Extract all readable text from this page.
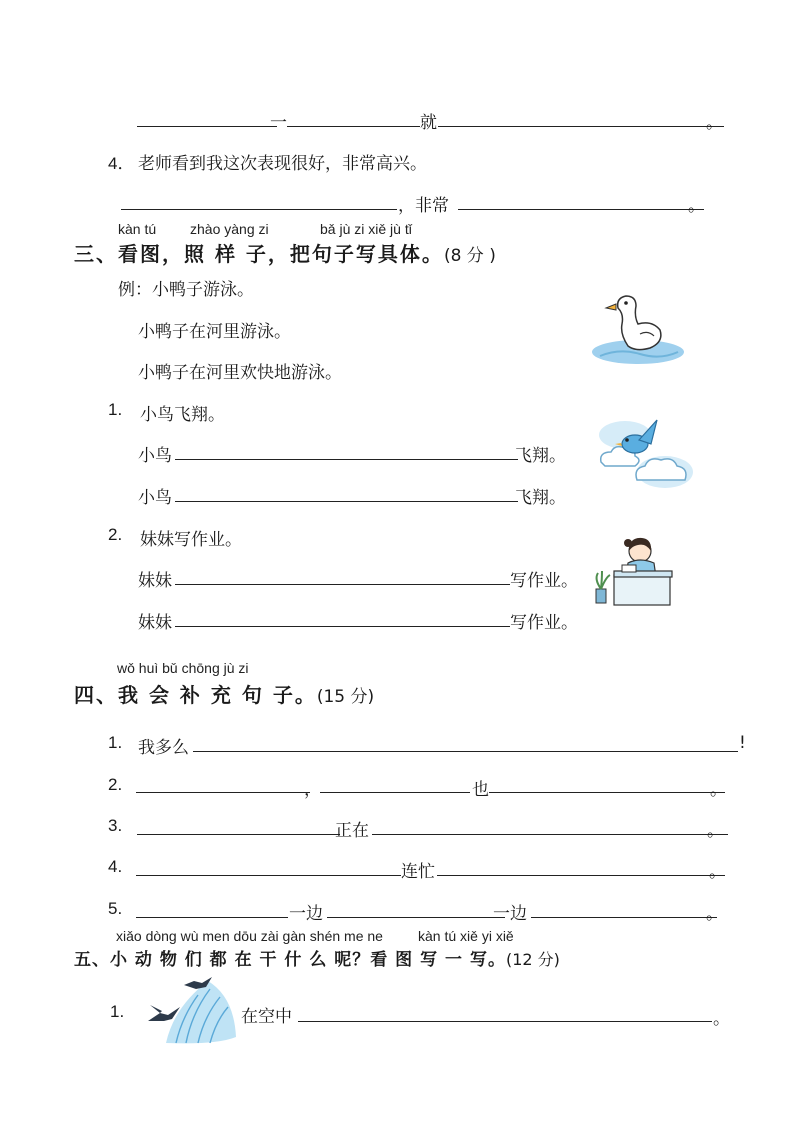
一	就	。
4． 老师看到我这次表现很好，非常高兴。
，非常	。
kàn tú zhào yàng zi	bǎ jù zi xiě jù tǐ
三、看图，照 样 子，把句子写具体。(8 分 )
例：小鸭子游泳。
小鸭子在河里游泳。
小鸭子在河里欢快地游泳。
1. 小鸟飞翔。
小鸟	飞翔。
小鸟	飞翔。
2. 妹妹写作业。
妹妹	写作业。
妹妹	写作业。
wǒ huì bǔ chōng jù zi
四、我 会 补 充 句 子。(15 分)
1. 我多么	!
2.	，	也	。
3.	正在	。
4.	连忙	。
5.	一边	一边	。
xiǎo dòng wù men dōu zài gàn shén me ne	kàn tú xiě yi xiě
五、小 动 物 们 都 在 干 什 么 呢？看 图 写 一 写。(12 分)
1.	在空中	。
